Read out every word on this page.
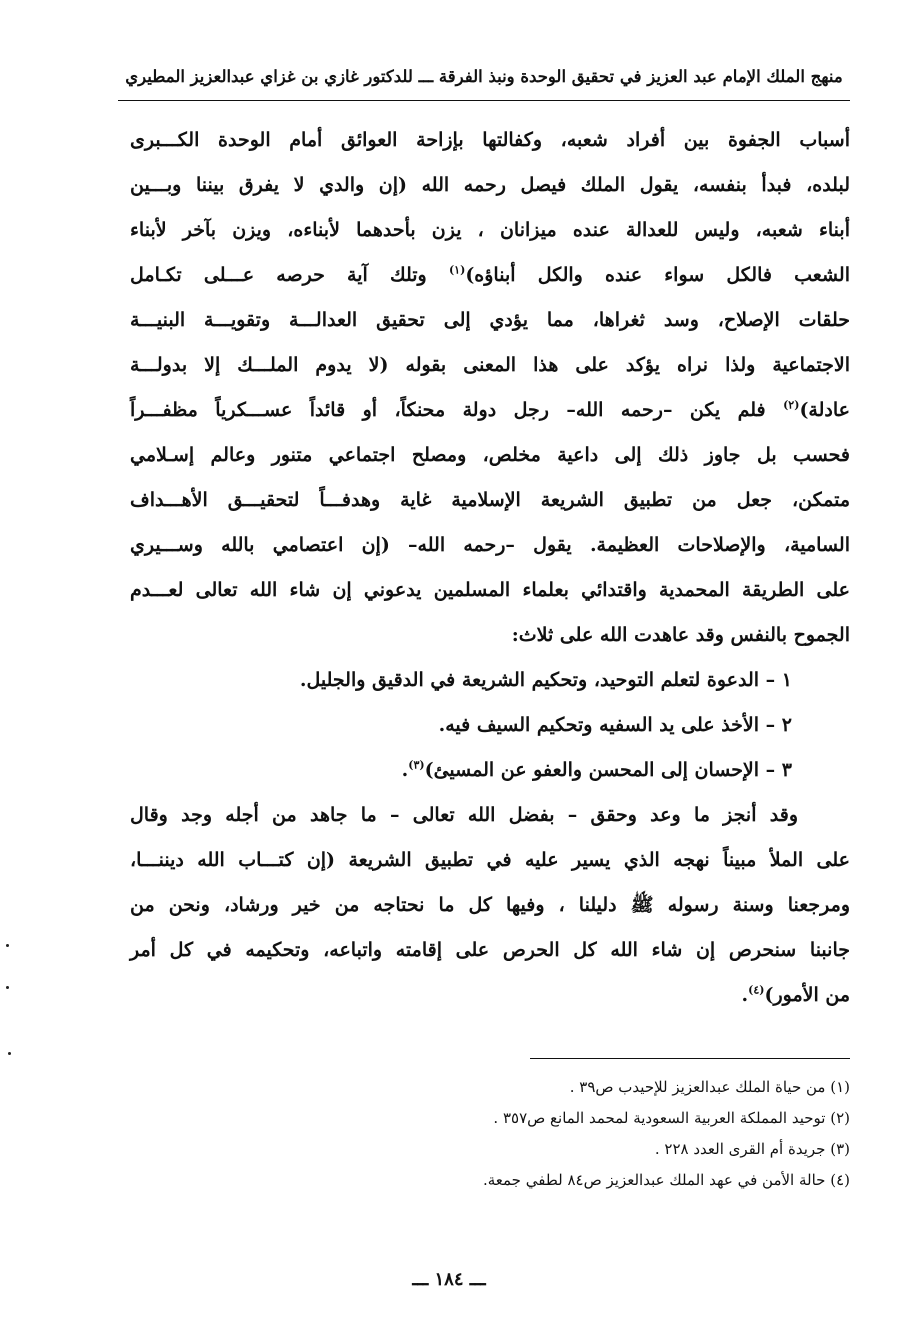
منهج الملك الإمام عبد العزيز في تحقيق الوحدة ونبذ الفرقة ـــ للدكتور غازي بن غزاي عبدالعزيز المطيري
أسباب الجفوة بين أفراد شعبه، وكفالتها بإزاحة العوائق أمام الوحدة الكـــبرى
لبلده، فبدأ بنفسه، يقول الملك فيصل رحمه الله (إن والدي لا يفرق بيننا وبـــين
أبناء شعبه، وليس للعدالة عنده ميزانان ، يزن بأحدهما لأبناءه، ويزن بآخر لأبناء
الشعب فالكل سواء عنده والكل أبناؤه)$^{(١)}$ وتلك آية حرصه عـــلى تكـامل
حلقات الإصلاح، وسد ثغراها، مما يؤدي إلى تحقيق العدالـــة وتقويـــة البنيـــة
الاجتماعية ولذا نراه يؤكد على هذا المعنى بقوله (لا يدوم الملـــك إلا بدولـــة
عادلة)$^{(٢)}$ فلم يكن –رحمه الله– رجل دولة محنكاً، أو قائداً عســـكرياً مظفـــراً
فحسب بل جاوز ذلك إلى داعية مخلص، ومصلح اجتماعي متنور وعالم إسـلامي
متمكن، جعل من تطبيق الشريعة الإسلامية غاية وهدفـــاً لتحقيـــق الأهـــداف
السامية، والإصلاحات العظيمة. يقول –رحمه الله– (إن اعتصامي بالله وســـيري
على الطريقة المحمدية واقتدائي بعلماء المسلمين يدعوني إن شاء الله تعالى لعـــدم
الجموح بالنفس وقد عاهدت الله على ثلاث:
١ – الدعوة لتعلم التوحيد، وتحكيم الشريعة في الدقيق والجليل.
٢ – الأخذ على يد السفيه وتحكيم السيف فيه.
٣ – الإحسان إلى المحسن والعفو عن المسيئ)$^{(٣)}$.
وقد أنجز ما وعد وحقق – بفضل الله تعالى – ما جاهد من أجله وجد وقال
على الملأ مبيناً نهجه الذي يسير عليه في تطبيق الشريعة (إن كتـــاب الله ديننـــا،
ومرجعنا وسنة رسوله ﷺ دليلنا ، وفيها كل ما نحتاجه من خير ورشاد، ونحن من
جانبنا سنحرص إن شاء الله كل الحرص على إقامته واتباعه، وتحكيمه في كل أمر
من الأمور)$^{(٤)}$.
(١) من حياة الملك عبدالعزيز للإحيدب ص٣٩ .
(٢) توحيد المملكة العربية السعودية لمحمد المانع ص٣٥٧ .
(٣) جريدة أم القرى العدد ٢٢٨ .
(٤) حالة الأمن في عهد الملك عبدالعزيز ص٨٤ لطفي جمعة.
ـــ ١٨٤ ـــ
